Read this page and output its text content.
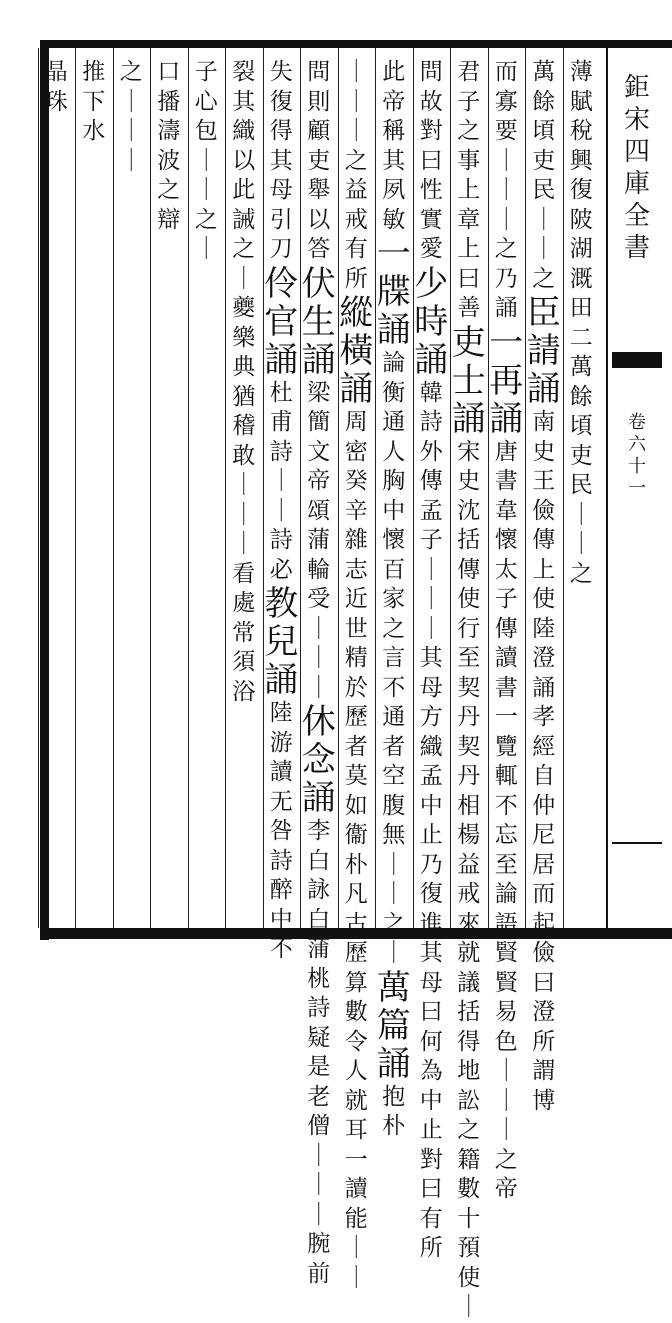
鉅宋四庫全書
卷六十一
薄賦稅興復陂湖溉田二
萬餘頃吏民｜｜之
萬餘頃吏民｜｜之
臣請誦
南史王儉傳上使陸澄誦孝經自仲尼居而起儉曰澄所謂博
而寡要｜｜｜之乃誦
一再誦
唐書韋懷太子傳讀書一覽輒不忘至論語賢賢易色｜｜｜之帝
君子之事上章上曰善
吏士誦
宋史沈括傳使行至契丹契丹相楊益戒來就議括得地訟之籍數十預使｜
問故對曰性實愛
少時誦
韓詩外傳孟子｜｜｜其母方織孟中止乃復進其母曰何為中止對曰有所
此帝稱其夙敏
一牒誦
論衡通人胸中懷百家之言不通者空腹無｜｜之｜
萬篇誦
抱朴
｜｜｜之益戒有所
縱橫誦
周密癸辛雜志近世精於歷者莫如衞朴凡古歷算數令人就耳一讀能｜｜
問則顧吏舉以答
伏生誦
梁簡文帝頌蒲輪受｜｜｜
休念誦
李白詠白蒲桃詩疑是老僧｜｜｜腕前
失復得其母引刀
伶官誦
杜甫詩｜｜詩必
教兒誦
陸游讀无咎詩醉中不
裂其織以此誡之
｜夔樂典猶稽
敢｜｜｜看處常須浴
子心包｜｜之｜
口播濤波之辯
之｜｜｜
推下水
晶珠
